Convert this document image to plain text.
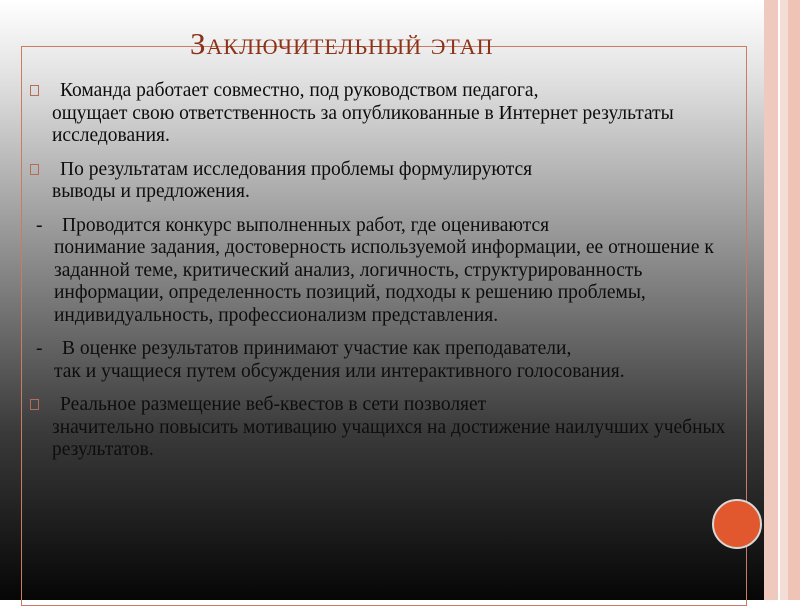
Заключительный этап
Команда работает совместно, под руководством педагога,
ощущает свою ответственность за опубликованные в Интернет результаты исследования.
По результатам исследования проблемы формулируются
выводы и предложения.
-	Проводится конкурс выполненных работ, где оцениваются
понимание задания, достоверность используемой информации, ее отношение к заданной теме, критический анализ, логичность, структурированность информации, определенность позиций, подходы к решению проблемы, индивидуальность, профессионализм представления.
-	В оценке результатов принимают участие как преподаватели,
так и учащиеся путем обсуждения или интерактивного голосования.
Реальное размещение веб-квестов в сети позволяет
значительно повысить мотивацию учащихся на достижение наилучших учебных результатов.
